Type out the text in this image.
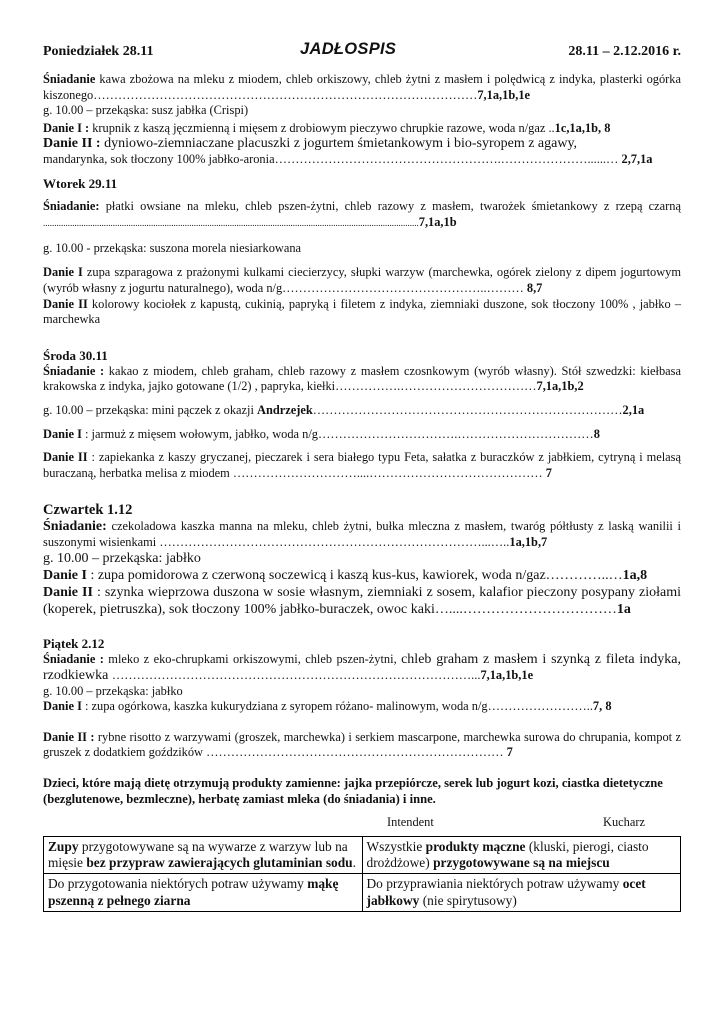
Poniedziałek 28.11	JADŁOSPIS	28.11 – 2.12.2016 r.

Śniadanie kawa zbożowa na mleku z miodem, chleb orkiszowy, chleb żytni z masłem i polędwicą z indyka, plasterki ogórka kiszonego…………………………………………………………………………………7,1a,1b,1e

g. 10.00 – przekąska: susz jabłka (Crispi)

Danie I : krupnik z kaszą jęczmienną i mięsem z drobiowym pieczywo chrupkie razowe, woda n/gaz ..1c,1a,1b, 8

Danie II : dyniowo-ziemniaczane placuszki z jogurtem śmietankowym i bio-syropem z agawy,
mandarynka, sok tłoczony 100% jabłko-aronia……………………………………………….…………………......… 2,7,1a

Wtorek 29.11

Śniadanie: płatki owsiane na mleku, chleb pszen-żytni, chleb razowy z masłem, twarożek śmietankowy z rzepą czarną .......................................................................................................................................................................7,1a,1b

g. 10.00 - przekąska: suszona morela niesiarkowana

Danie I zupa szparagowa z prażonymi kulkami ciecierzycy, słupki warzyw (marchewka, ogórek zielony z dipem jogurtowym (wyrób własny z jogurtu naturalnego), woda n/g…………………………………………..……… 8,7

Danie II kolorowy kociołek z kapustą, cukinią, papryką i filetem z indyka, ziemniaki duszone, sok tłoczony 100% , jabłko – marchewka

Środa 30.11

Śniadanie : kakao z miodem, chleb graham, chleb razowy z masłem czosnkowym (wyrób własny). Stół szwedzki: kiełbasa krakowska z indyka, jajko gotowane (1/2) , papryka, kiełki…………….……………………………7,1a,1b,2

g. 10.00 – przekąska: mini pączek z okazji Andrzejek…………………………………………………………………2,1a

Danie I : jarmuż z mięsem wołowym, jabłko, woda n/g…………………………….……………………………8

Danie II : zapiekanka z kaszy gryczanej, pieczarek i sera białego typu Feta, sałatka z buraczków z jabłkiem, cytryną i melasą buraczaną, herbatka melisa z miodem …………………………....…………………………………… 7

Czwartek 1.12

Śniadanie: czekoladowa kaszka manna na mleku, chleb żytni, bułka mleczna z masłem, twaróg półtłusty z laską wanilii i suszonymi wisienkami ……………………………………………………………………...…..1a,1b,7

g. 10.00 – przekąska: jabłko

Danie I : zupa pomidorowa z czerwoną soczewicą i kaszą kus-kus, kawiorek, woda n/gaz…………..…1a,8

Danie II : szynka wieprzowa duszona w sosie własnym, ziemniaki z sosem, kalafior pieczony posypany ziołami (koperek, pietruszka), sok tłoczony 100% jabłko-buraczek, owoc kaki…....……………………………1a

Piątek 2.12

Śniadanie : mleko z eko-chrupkami orkiszowymi, chleb pszen-żytni, chleb graham z masłem i szynką z fileta indyka, rzodkiewka ……………………………………………………………………………...7,1a,1b,1e

g. 10.00 – przekąska: jabłko

Danie I : zupa ogórkowa, kaszka kukurydziana z syropem różano- malinowym, woda n/g……………………..7, 8

Danie II : rybne risotto z warzywami (groszek, marchewka) i serkiem mascarpone, marchewka surowa do chrupania, kompot z gruszek z dodatkiem goździków ……………………………………………………………… 7

Dzieci, które mają dietę otrzymują produkty zamienne: jajka przepiórcze, serek lub jogurt kozi, ciastka dietetyczne (bezglutenowe, bezmleczne), herbatę zamiast mleka (do śniadania) i inne.

Intendent	Kucharz
Zupy przygotowywane są na wywarze z warzyw lub na mięsie bez przypraw zawierających glutaminian sodu.	Wszystkie produkty mączne (kluski, pierogi, ciasto drożdżowe) przygotowywane są na miejscu
Do przygotowania niektórych potraw używamy mąkę pszenną z pełnego ziarna	Do przyprawiania niektórych potraw używamy ocet jabłkowy (nie spirytusowy)
